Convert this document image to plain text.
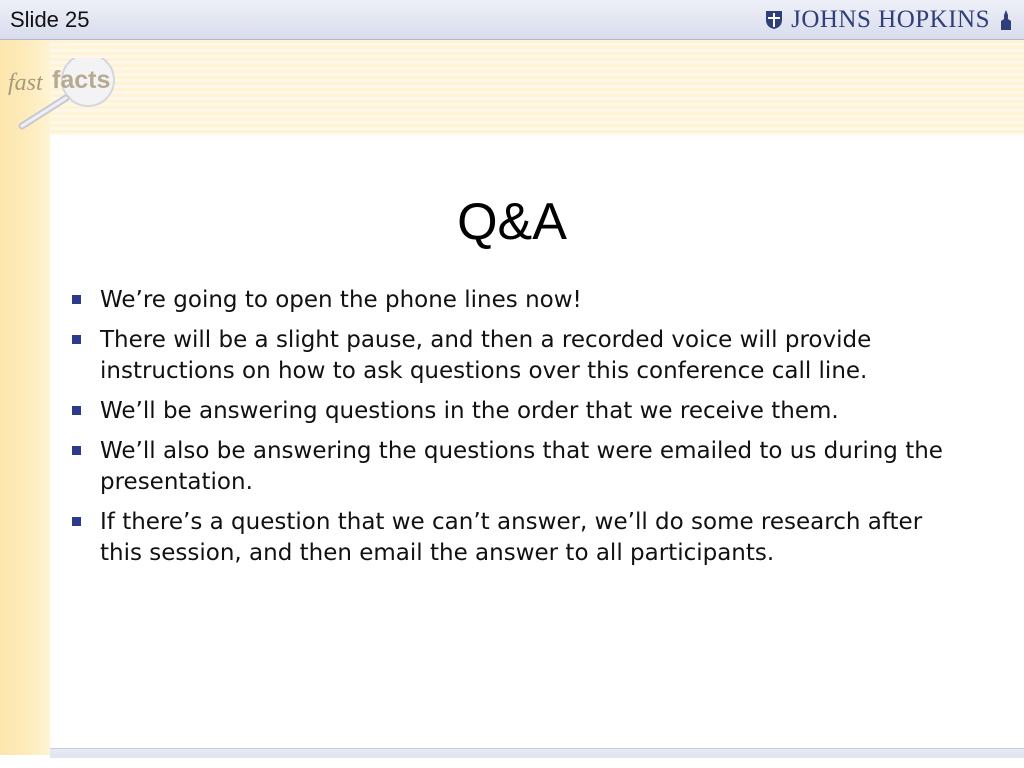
Slide 25	JOHNS HOPKINS
fast facts
Q&A
We’re going to open the phone lines now!
There will be a slight pause, and then a recorded voice will provide instructions on how to ask questions over this conference call line.
We’ll be answering questions in the order that we receive them.
We’ll also be answering the questions that were emailed to us during the presentation.
If there’s a question that we can’t answer, we’ll do some research after this session, and then email the answer to all participants.
